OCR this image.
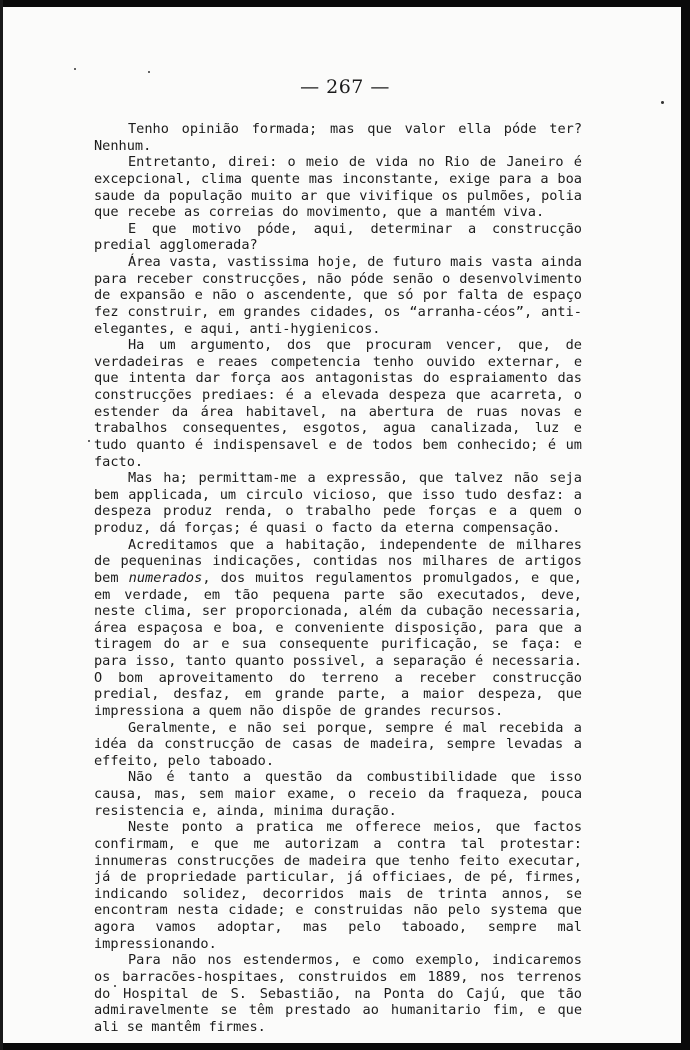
— 267 —

Tenho opinião formada; mas que valor ella póde ter? Nenhum.

Entretanto, direi: o meio de vida no Rio de Janeiro é excepcional, clima quente mas inconstante, exige para a boa saude da população muito ar que vivifique os pulmões, polia que recebe as correias do movimento, que a mantém viva.

E que motivo póde, aqui, determinar a construcção predial agglomerada?

Área vasta, vastissima hoje, de futuro mais vasta ainda para receber construcções, não póde senão o desenvolvimento de expansão e não o ascendente, que só por falta de espaço fez construir, em grandes cidades, os “arranha-céos”, anti-elegantes, e aqui, anti-hygienicos.

Ha um argumento, dos que procuram vencer, que, de verdadeiras e reaes competencia tenho ouvido externar, e que intenta dar força aos antagonistas do espraiamento das construcções prediaes: é a elevada despeza que acarreta, o estender da área habitavel, na abertura de ruas novas e trabalhos consequentes, esgotos, agua canalizada, luz e tudo quanto é indispensavel e de todos bem conhecido; é um facto.

Mas ha; permittam-me a expressão, que talvez não seja bem applicada, um circulo vicioso, que isso tudo desfaz: a despeza produz renda, o trabalho pede forças e a quem o produz, dá forças; é quasi o facto da eterna compensação.

Acreditamos que a habitação, independente de milhares de pequeninas indicações, contidas nos milhares de artigos bem numerados, dos muitos regulamentos promulgados, e que, em verdade, em tão pequena parte são executados, deve, neste clima, ser proporcionada, além da cubação necessaria, área espaçosa e boa, e conveniente disposição, para que a tiragem do ar e sua consequente purificação, se faça: e para isso, tanto quanto possivel, a separação é necessaria. O bom aproveitamento do terreno a receber construcção predial, desfaz, em grande parte, a maior despeza, que impressiona a quem não dispõe de grandes recursos.

Geralmente, e não sei porque, sempre é mal recebida a idéa da construcção de casas de madeira, sempre levadas a effeito, pelo taboado.

Não é tanto a questão da combustibilidade que isso causa, mas, sem maior exame, o receio da fraqueza, pouca resistencia e, ainda, minima duração.

Neste ponto a pratica me offerece meios, que factos confirmam, e que me autorizam a contra tal protestar: innumeras construcções de madeira que tenho feito executar, já de propriedade particular, já officiaes, de pé, firmes, indicando solidez, decorridos mais de trinta annos, se encontram nesta cidade; e construidas não pelo systema que agora vamos adoptar, mas pelo taboado, sempre mal impressionando.

Para não nos estendermos, e como exemplo, indicaremos os barracões-hospitaes, construidos em 1889, nos terrenos do Hospital de S. Sebastião, na Ponta do Cajú, que tão admiravelmente se têm prestado ao humanitario fim, e que ali se mantêm firmes.
